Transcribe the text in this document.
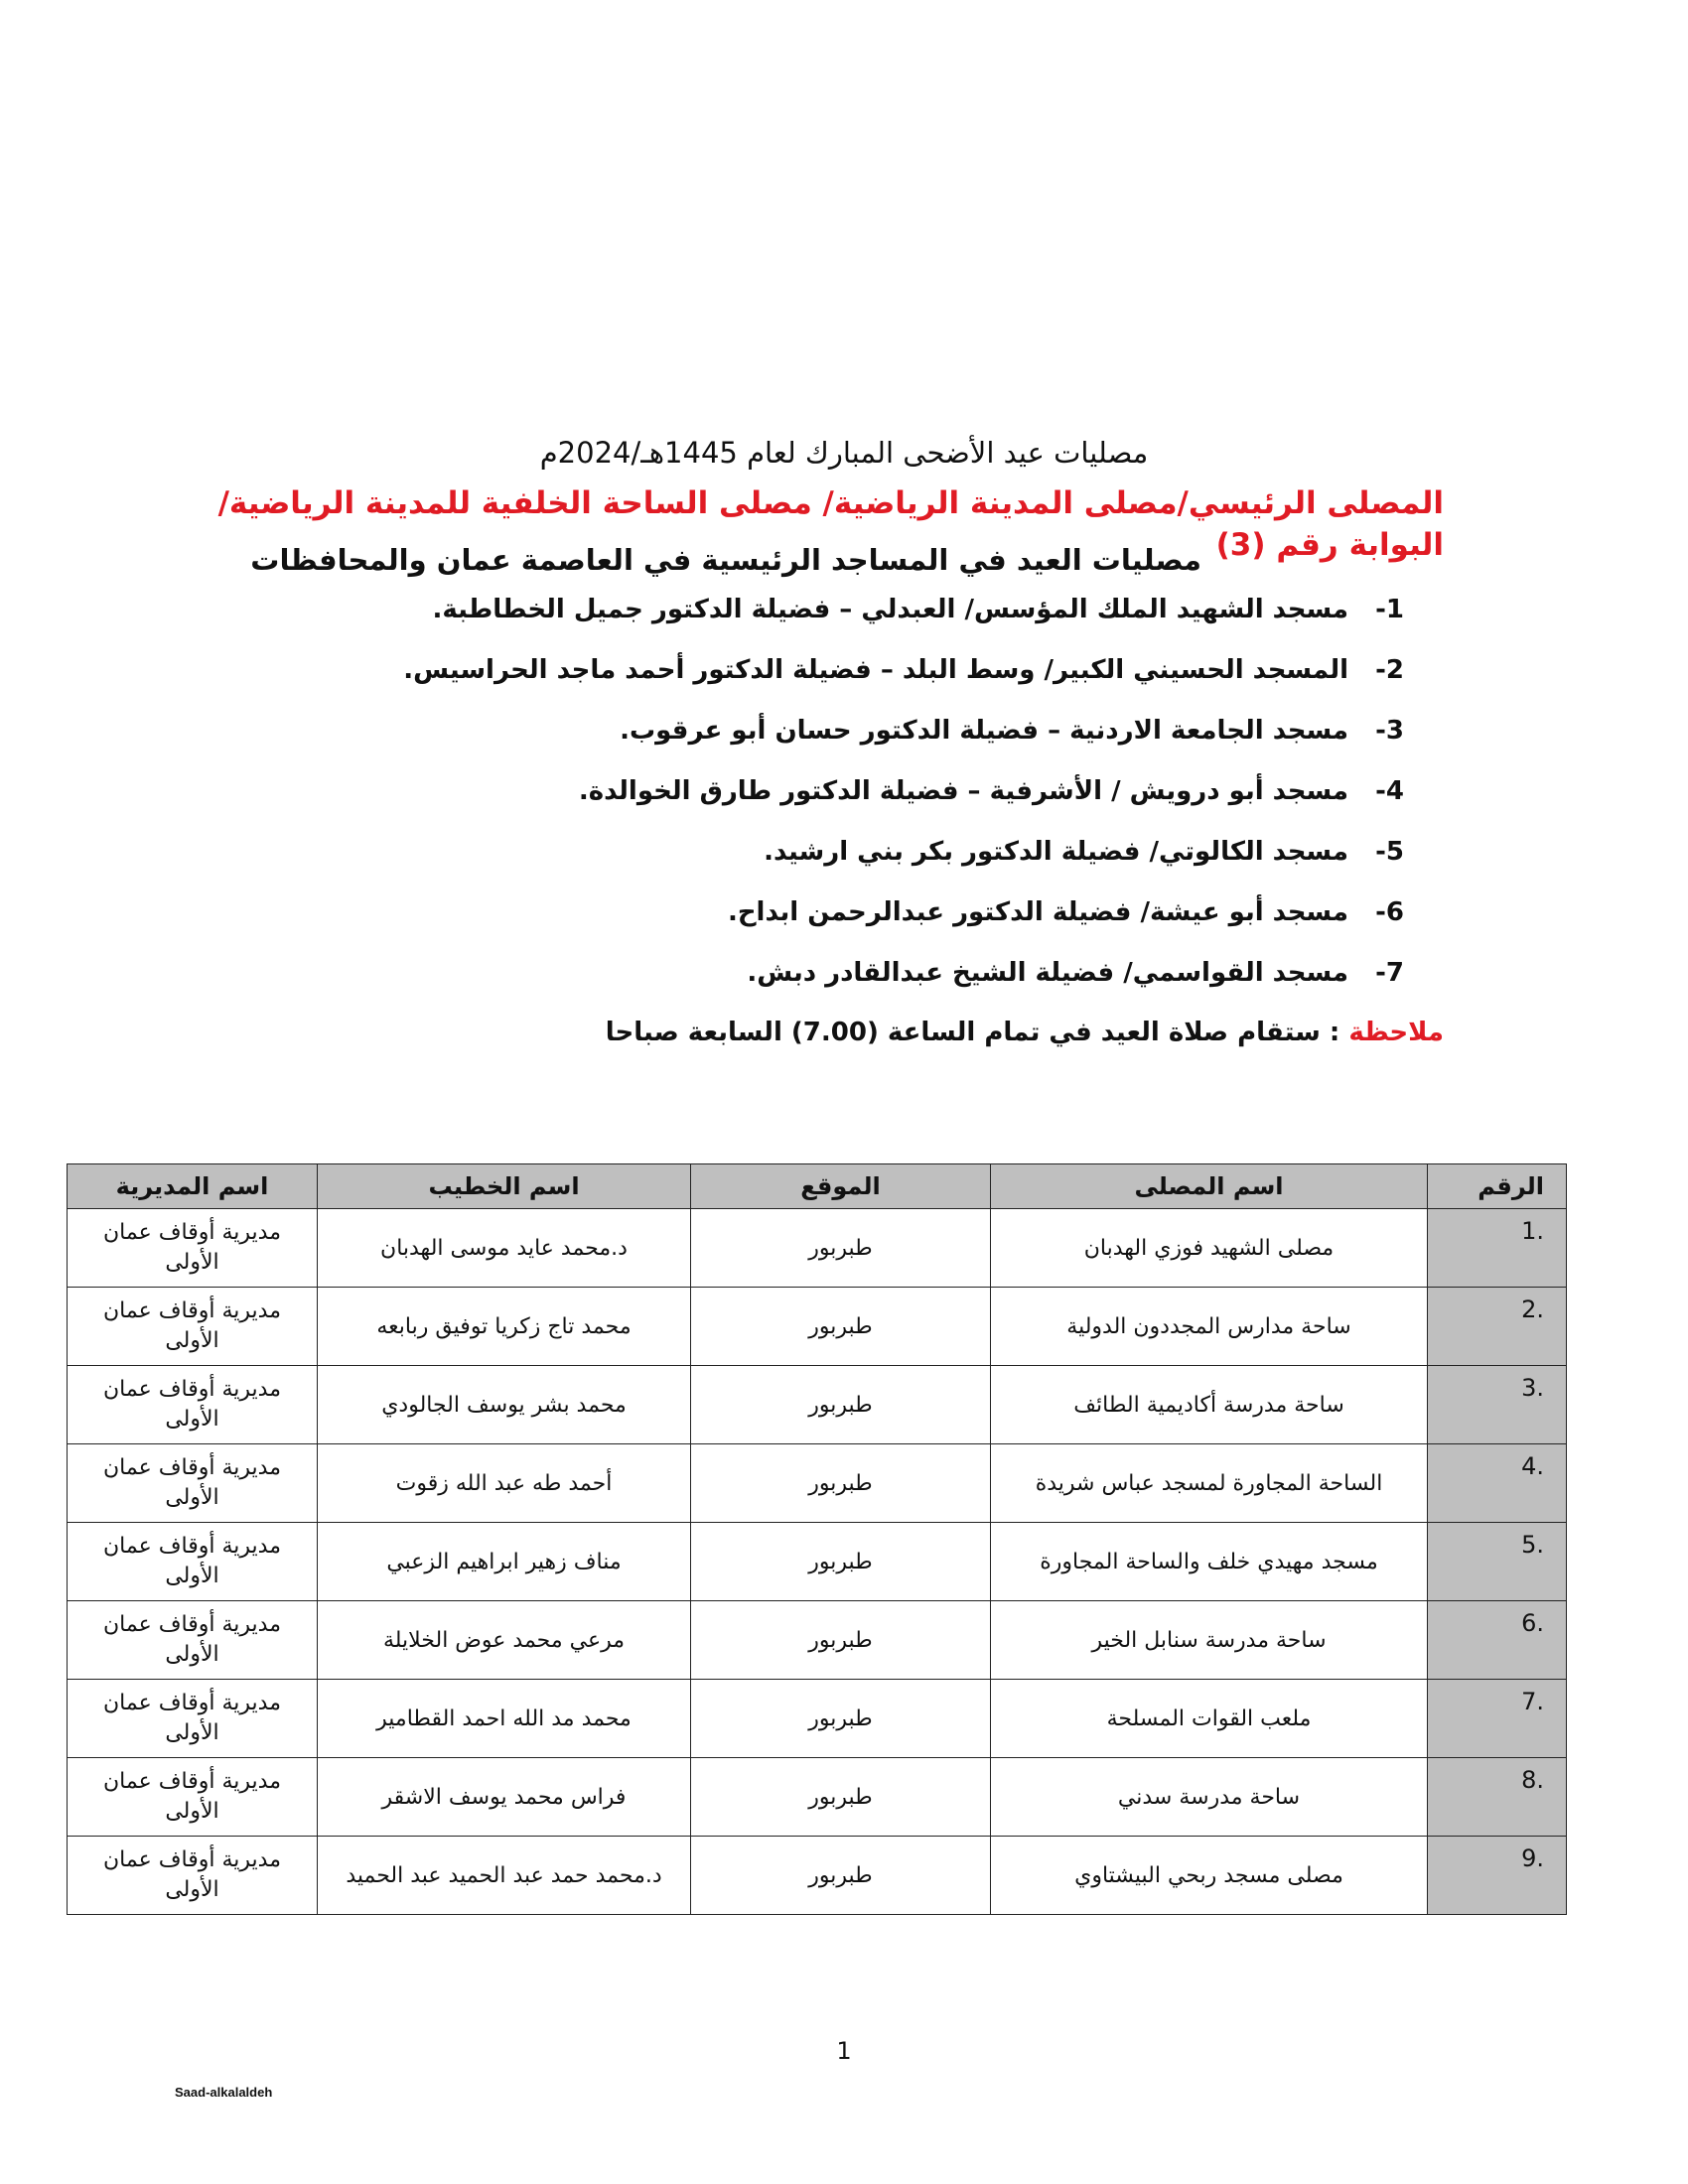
مصليات عيد الأضحى المبارك لعام 1445هـ/2024م
المصلى الرئيسي/مصلى المدينة الرياضية/ مصلى الساحة الخلفية للمدينة الرياضية/ البوابة رقم (3)
مصليات العيد في المساجد الرئيسية في العاصمة عمان والمحافظات
1-
مسجد الشهيد الملك المؤسس/ العبدلي – فضيلة الدكتور جميل الخطاطبة.
2-
المسجد الحسيني الكبير/ وسط البلد – فضيلة الدكتور أحمد ماجد الحراسيس.
3-
مسجد الجامعة الاردنية – فضيلة الدكتور حسان أبو عرقوب.
4-
مسجد أبو درويش / الأشرفية – فضيلة الدكتور طارق الخوالدة.
5-
مسجد الكالوتي/ فضيلة الدكتور بكر بني ارشيد.
6-
مسجد أبو عيشة/ فضيلة الدكتور عبدالرحمن ابداح.
7-
مسجد القواسمي/ فضيلة الشيخ عبدالقادر دبش.
ملاحظة : ستقام صلاة العيد في تمام الساعة (7.00) السابعة صباحا
الرقم	اسم المصلى	الموقع	اسم الخطيب	اسم المديرية
.1	مصلى الشهيد فوزي الهدبان	طبربور	د.محمد عايد موسى الهدبان	مديرية أوقاف عمان الأولى
.2	ساحة مدارس المجددون الدولية	طبربور	محمد تاج زكريا توفيق ربابعه	مديرية أوقاف عمان الأولى
.3	ساحة مدرسة أكاديمية الطائف	طبربور	محمد بشر يوسف الجالودي	مديرية أوقاف عمان الأولى
.4	الساحة المجاورة لمسجد عباس شريدة	طبربور	أحمد طه عبد الله زقوت	مديرية أوقاف عمان الأولى
.5	مسجد مهيدي خلف والساحة المجاورة	طبربور	مناف زهير ابراهيم الزعبي	مديرية أوقاف عمان الأولى
.6	ساحة مدرسة سنابل الخير	طبربور	مرعي محمد عوض الخلايلة	مديرية أوقاف عمان الأولى
.7	ملعب القوات المسلحة	طبربور	محمد مد الله احمد القطامير	مديرية أوقاف عمان الأولى
.8	ساحة مدرسة سدني	طبربور	فراس محمد يوسف الاشقر	مديرية أوقاف عمان الأولى
.9	مصلى مسجد ربحي البيشتاوي	طبربور	د.محمد حمد عبد الحميد عبد الحميد	مديرية أوقاف عمان الأولى
1
Saad-alkalaldeh
